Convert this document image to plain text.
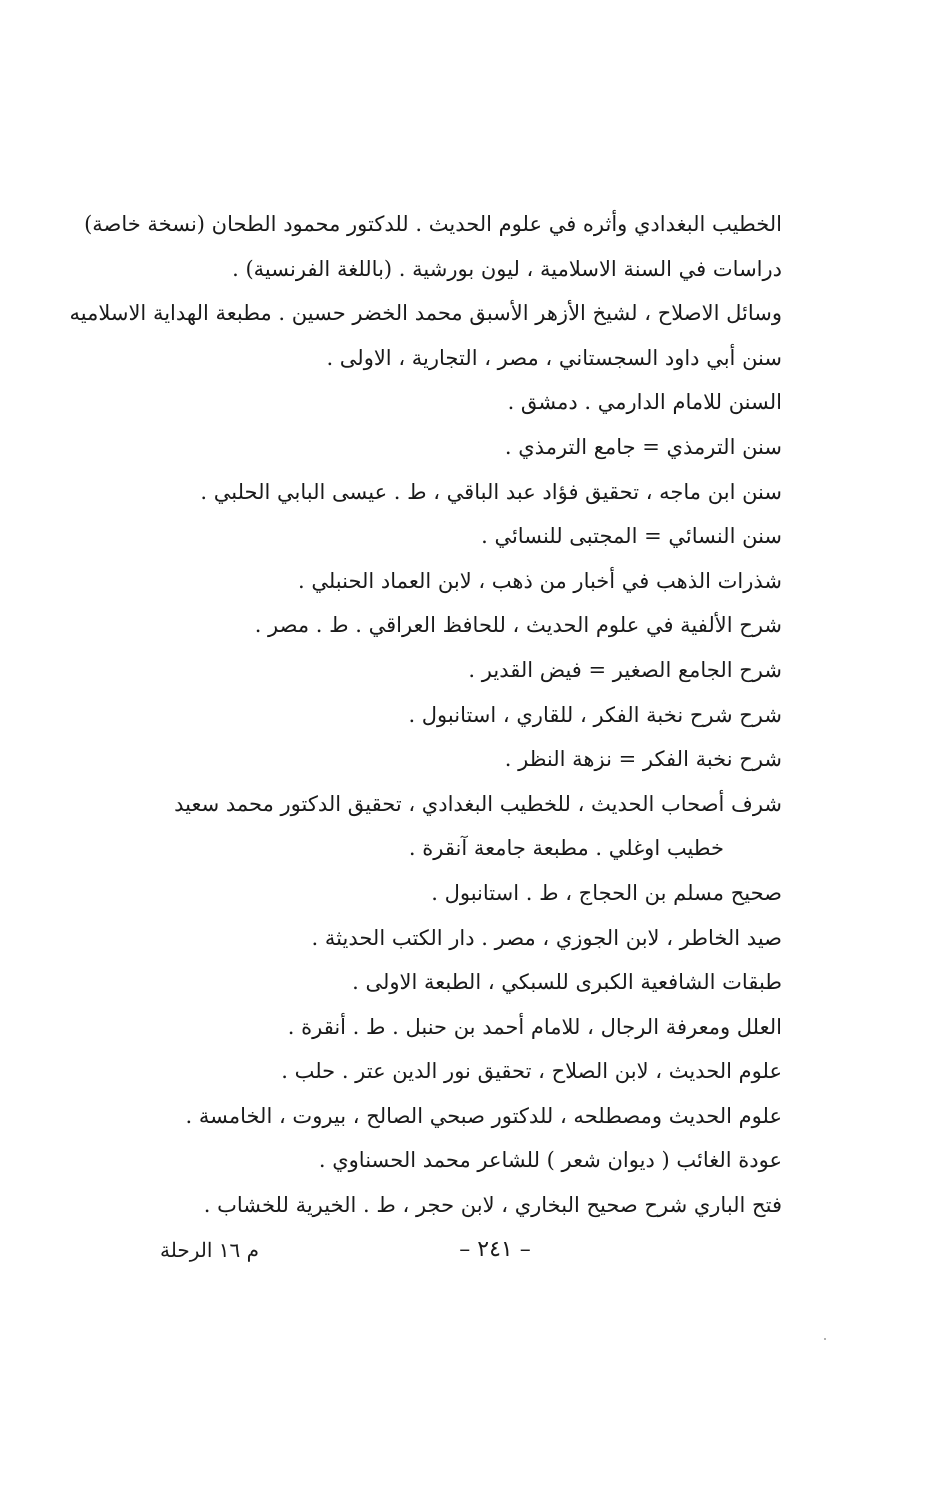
الخطيب البغدادي وأثره في علوم الحديث . للدكتور محمود الطحان (نسخة خاصة)
دراسات في السنة الاسلامية ، ليون بورشية . (باللغة الفرنسية) .
وسائل الاصلاح ، لشيخ الأزهر الأسبق محمد الخضر حسين . مطبعة الهداية الاسلاميه
سنن أبي داود السجستاني ، مصر ، التجارية ، الاولى .
السنن للامام الدارمي . دمشق .
سنن الترمذي = جامع الترمذي .
سنن ابن ماجه ، تحقيق فؤاد عبد الباقي ، ط . عيسى البابي الحلبي .
سنن النسائي = المجتبى للنسائي .
شذرات الذهب في أخبار من ذهب ، لابن العماد الحنبلي .
شرح الألفية في علوم الحديث ، للحافظ العراقي . ط . مصر .
شرح الجامع الصغير = فيض القدير .
شرح شرح نخبة الفكر ، للقاري ، استانبول .
شرح نخبة الفكر = نزهة النظر .
شرف أصحاب الحديث ، للخطيب البغدادي ، تحقيق الدكتور محمد سعيد
خطيب اوغلي . مطبعة جامعة آنقرة .
صحيح مسلم بن الحجاج ، ط . استانبول .
صيد الخاطر ، لابن الجوزي ، مصر . دار الكتب الحديثة .
طبقات الشافعية الكبرى للسبكي ، الطبعة الاولى .
العلل ومعرفة الرجال ، للامام أحمد بن حنبل . ط . أنقرة .
علوم الحديث ، لابن الصلاح ، تحقيق نور الدين عتر . حلب .
علوم الحديث ومصطلحه ، للدكتور صبحي الصالح ، بيروت ، الخامسة .
عودة الغائب ( ديوان شعر ) للشاعر محمد الحسناوي .
فتح الباري شرح صحيح البخاري ، لابن حجر ، ط . الخيرية للخشاب .
– ٢٤١ –
م ١٦ الرحلة
